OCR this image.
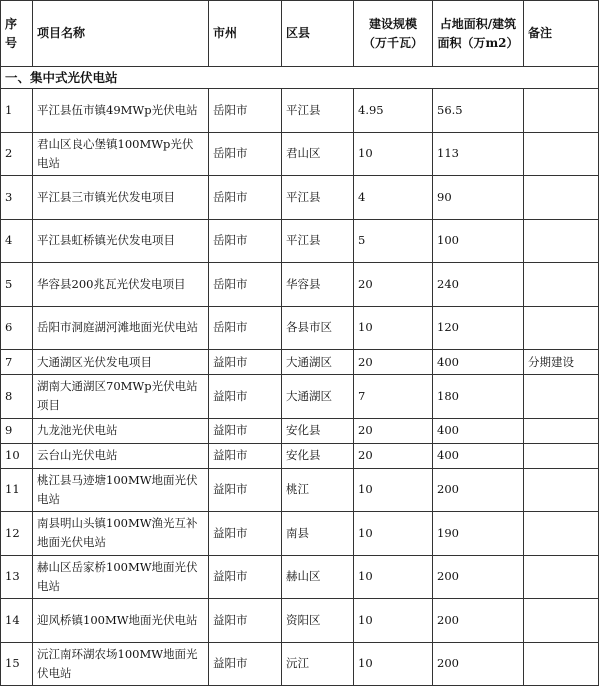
序号	项目名称	市州	区县	建设规模（万千瓦）	占地面积/建筑面积（万m2）	备注
一、集中式光伏电站						
1	平江县伍市镇49MWp光伏电站	岳阳市	平江县	4.95	56.5	
2	君山区良心堡镇100MWp光伏电站	岳阳市	君山区	10	113	
3	平江县三市镇光伏发电项目	岳阳市	平江县	4	90	
4	平江县虹桥镇光伏发电项目	岳阳市	平江县	5	100	
5	华容县200兆瓦光伏发电项目	岳阳市	华容县	20	240	
6	岳阳市洞庭湖河滩地面光伏电站	岳阳市	各县市区	10	120	
7	大通湖区光伏发电项目	益阳市	大通湖区	20	400	分期建设
8	湖南大通湖区70MWp光伏电站项目	益阳市	大通湖区	7	180	
9	九龙池光伏电站	益阳市	安化县	20	400	
10	云台山光伏电站	益阳市	安化县	20	400	
11	桃江县马迹塘100MW地面光伏电站	益阳市	桃江	10	200	
12	南县明山头镇100MW渔光互补地面光伏电站	益阳市	南县	10	190	
13	赫山区岳家桥100MW地面光伏电站	益阳市	赫山区	10	200	
14	迎风桥镇100MW地面光伏电站	益阳市	资阳区	10	200	
15	沅江南环湖农场100MW地面光伏电站	益阳市	沅江	10	200	
